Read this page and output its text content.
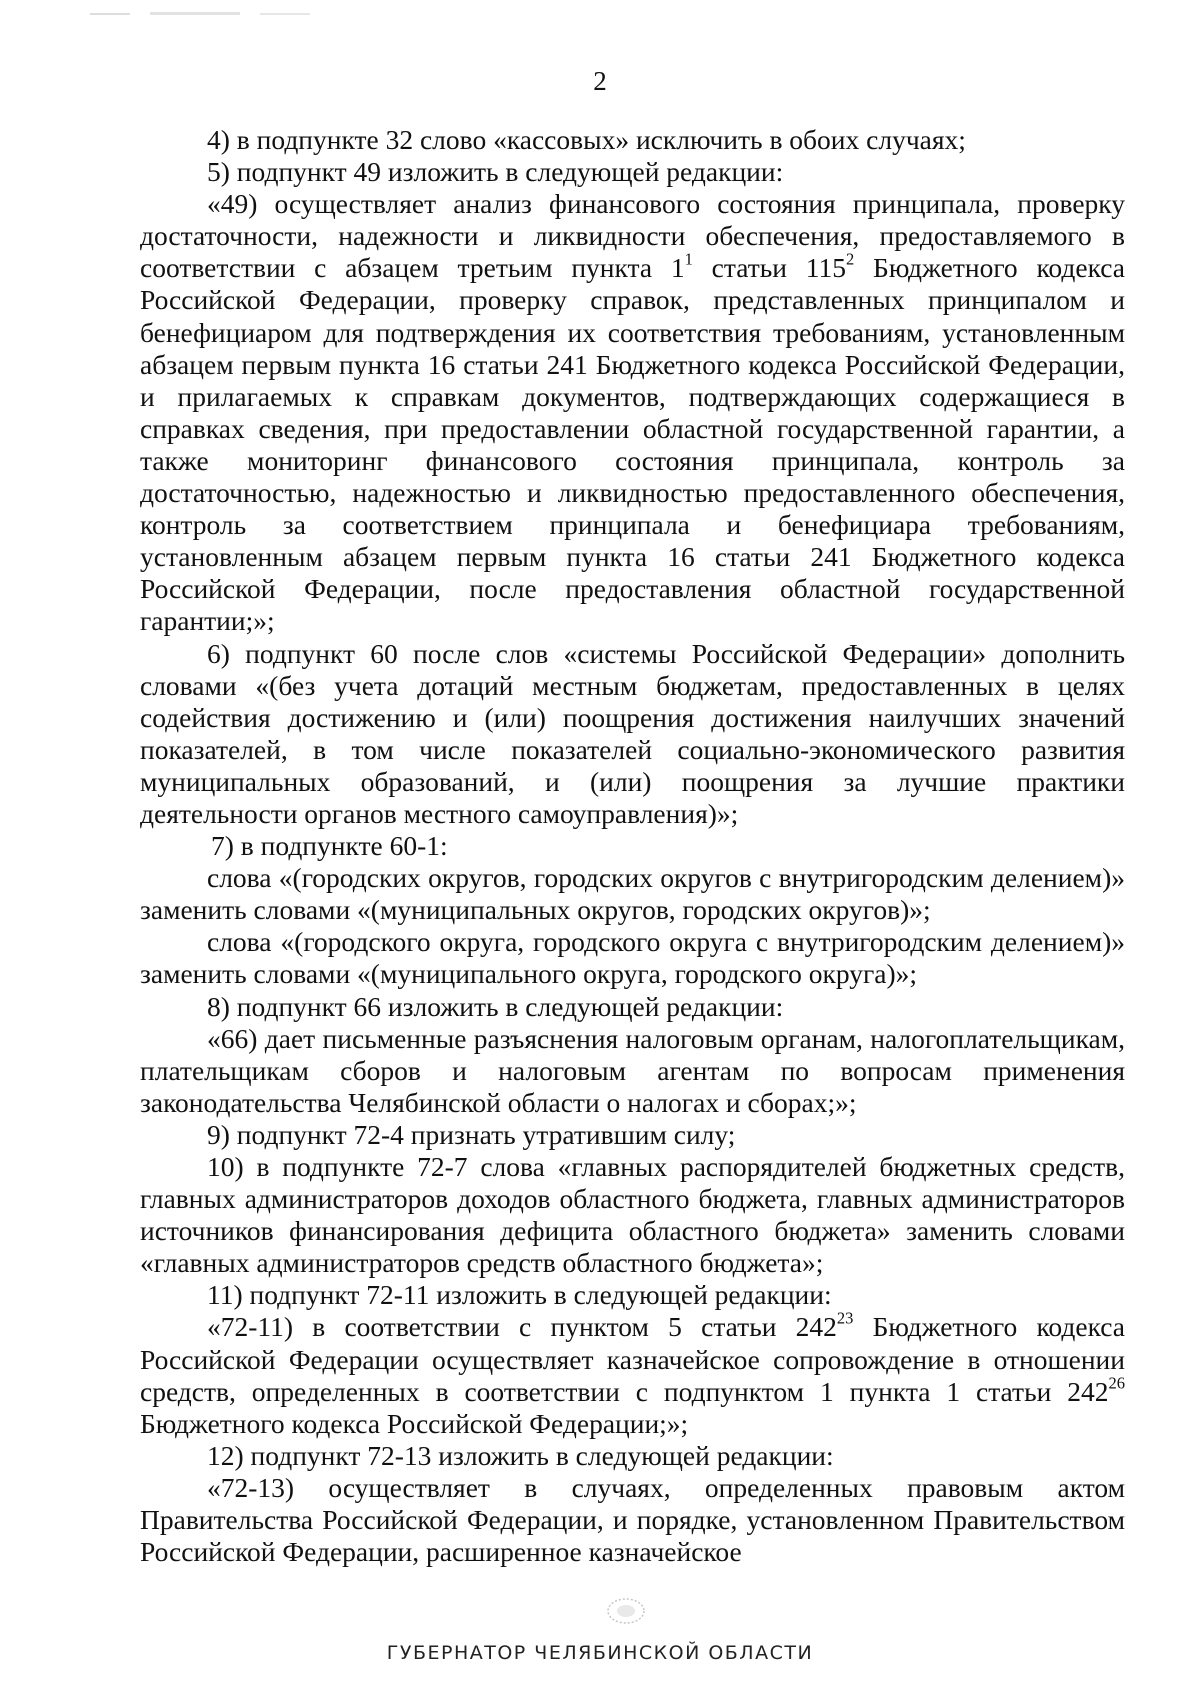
2

4) в подпункте 32 слово «кассовых» исключить в обоих случаях;

5) подпункт 49 изложить в следующей редакции:

«49) осуществляет анализ финансового состояния принципала, проверку достаточности, надежности и ликвидности обеспечения, предоставляемого в соответствии с абзацем третьим пункта $1^1$ статьи $115^2$ Бюджетного кодекса Российской Федерации, проверку справок, представленных принципалом и бенефициаром для подтверждения их соответствия требованиям, установленным абзацем первым пункта 16 статьи 241 Бюджетного кодекса Российской Федерации, и прилагаемых к справкам документов, подтверждающих содержащиеся в справках сведения, при предоставлении областной государственной гарантии, а также мониторинг финансового состояния принципала, контроль за достаточностью, надежностью и ликвидностью предоставленного обеспечения, контроль за соответствием принципала и бенефициара требованиям, установленным абзацем первым пункта 16 статьи 241 Бюджетного кодекса Российской Федерации, после предоставления областной государственной гарантии;»;

6) подпункт 60 после слов «системы Российской Федерации» дополнить словами «(без учета дотаций местным бюджетам, предоставленных в целях содействия достижению и (или) поощрения достижения наилучших значений показателей, в том числе показателей социально-экономического развития муниципальных образований, и (или) поощрения за лучшие практики деятельности органов местного самоуправления)»;

7) в подпункте 60-1:

слова «(городских округов, городских округов с внутригородским делением)» заменить словами «(муниципальных округов, городских округов)»;

слова «(городского округа, городского округа с внутригородским делением)» заменить словами «(муниципального округа, городского округа)»;

8) подпункт 66 изложить в следующей редакции:

«66) дает письменные разъяснения налоговым органам, налогоплательщикам, плательщикам сборов и налоговым агентам по вопросам применения законодательства Челябинской области о налогах и сборах;»;

9) подпункт 72-4 признать утратившим силу;

10) в подпункте 72-7 слова «главных распорядителей бюджетных средств, главных администраторов доходов областного бюджета, главных администраторов источников финансирования дефицита областного бюджета» заменить словами «главных администраторов средств областного бюджета»;

11) подпункт 72-11 изложить в следующей редакции:

«72-11) в соответствии с пунктом 5 статьи $242^{23}$ Бюджетного кодекса Российской Федерации осуществляет казначейское сопровождение в отношении средств, определенных в соответствии с подпунктом 1 пункта 1 статьи $242^{26}$ Бюджетного кодекса Российской Федерации;»;

12) подпункт 72-13 изложить в следующей редакции:

«72-13) осуществляет в случаях, определенных правовым актом Правительства Российской Федерации, и порядке, установленном Правительством Российской Федерации, расширенное казначейское

ГУБЕРНАТОР ЧЕЛЯБИНСКОЙ ОБЛАСТИ
